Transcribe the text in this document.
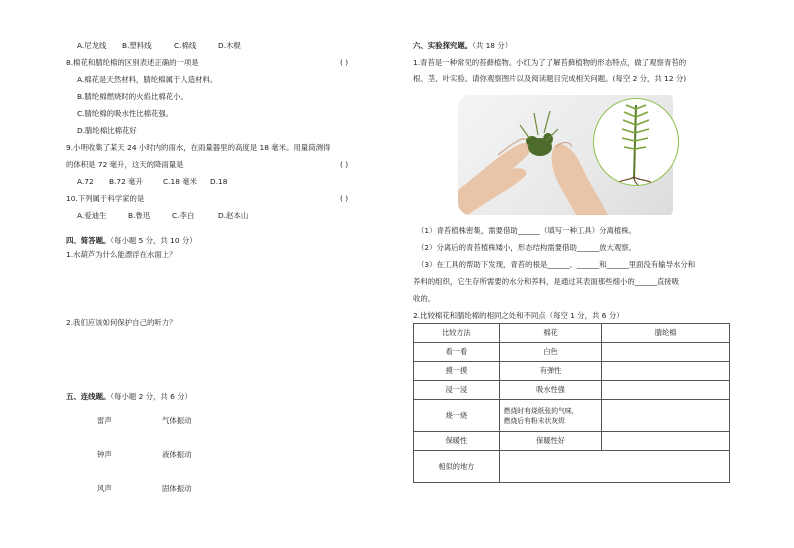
A.尼龙线 B.塑料线	C.棉线	D.木棍
8.棉花和腈纶棉的区别表述正确的一项是	( )
A.棉花是天然材料，腈纶棉属于人造材料。
B.腈纶棉燃烧时的火焰比棉花小。
C.腈纶棉的吸水性比棉花强。
D.腈纶棉比棉花好
9.小明收集了某天 24 小时内的雨水，在雨量器里的高度是 18 毫米。用量筒测得
的体积是 72 毫升，这天的降雨量是	( )
A.72 B.72 毫升	C.18 毫米 D.18
10.下列属于科学家的是	( )
A.爱迪生	B.鲁迅	C.李白	D.赵本山
四、简答题。（每小题 5 分，共 10 分）
1.水葫芦为什么能漂浮在水面上？
2.我们应该如何保护自己的听力？
五、连线题。（每小题 2 分，共 6 分）
雷声
钟声
风声
气体振动
液体振动
固体振动
六、实验探究题。（共 18 分）
1.青苔是一种常见的苔藓植物。小红为了了解苔藓植物的形态特点，做了观察青苔的
根、茎、叶实验。请你观察图片以及阅读题目完成相关问题。(每空 2 分，共 12 分)
（1）青苔植株密集，需要借助______（填写一种工具）分离植株。
（2）分离后的青苔植株矮小，形态结构需要借助______放大观察。
（3）在工具的帮助下发现，青苔的根是______、______和______里面没有输导水分和
养料的组织，它生存所需要的水分和养料，是通过其表面那些细小的______直接吸
收的。
2.比较棉花和腈纶棉的相同之处和不同点（每空 1 分，共 6 分）
比较方法	棉花	腈纶棉
看一看	白色	
摸一摸	有弹性	
浸一浸	吸水性强	
烧一烧	燃烧时有烧纸张的气味，
燃烧后有粉末状灰烬	

保暖性	保暖性好	
相似的地方		
